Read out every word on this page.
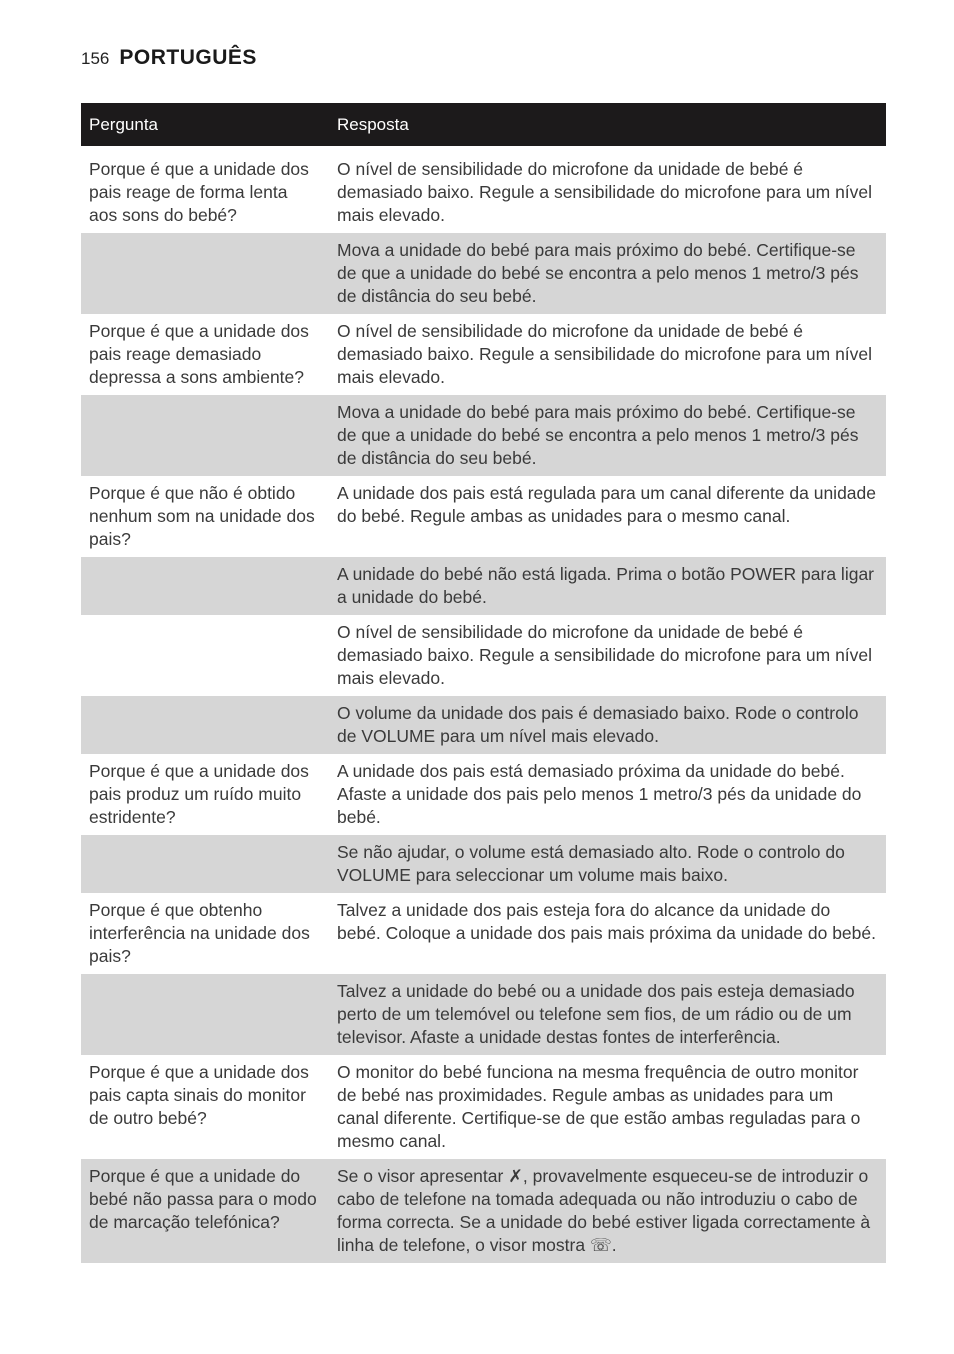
156 PORTUGUÊS
Pergunta	Resposta

Porque é que a unidade dos pais reage de forma lenta aos sons do bebé?	O nível de sensibilidade do microfone da unidade de bebé é demasiado baixo. Regule a sensibilidade do microfone para um nível mais elevado.
	Mova a unidade do bebé para mais próximo do bebé. Certifique-se de que a unidade do bebé se encontra a pelo menos 1 metro/3 pés de distância do seu bebé.
Porque é que a unidade dos pais reage demasiado depressa a sons ambiente?	O nível de sensibilidade do microfone da unidade de bebé é demasiado baixo. Regule a sensibilidade do microfone para um nível mais elevado.
	Mova a unidade do bebé para mais próximo do bebé. Certifique-se de que a unidade do bebé se encontra a pelo menos 1 metro/3 pés de distância do seu bebé.
Porque é que não é obtido nenhum som na unidade dos pais?	A unidade dos pais está regulada para um canal diferente da unidade do bebé. Regule ambas as unidades para o mesmo canal.
	A unidade do bebé não está ligada. Prima o botão POWER para ligar a unidade do bebé.
	O nível de sensibilidade do microfone da unidade de bebé é demasiado baixo. Regule a sensibilidade do microfone para um nível mais elevado.
	O volume da unidade dos pais é demasiado baixo. Rode o controlo de VOLUME para um nível mais elevado.
Porque é que a unidade dos pais produz um ruído muito estridente?	A unidade dos pais está demasiado próxima da unidade do bebé. Afaste a unidade dos pais pelo menos 1 metro/3 pés da unidade do bebé.
	Se não ajudar, o volume está demasiado alto. Rode o controlo do VOLUME para seleccionar um volume mais baixo.
Porque é que obtenho interferência na unidade dos pais?	Talvez a unidade dos pais esteja fora do alcance da unidade do bebé. Coloque a unidade dos pais mais próxima da unidade do bebé.
	Talvez a unidade do bebé ou a unidade dos pais esteja demasiado perto de um telemóvel ou telefone sem fios, de um rádio ou de um televisor. Afaste a unidade destas fontes de interferência.
Porque é que a unidade dos pais capta sinais do monitor de outro bebé?	O monitor do bebé funciona na mesma frequência de outro monitor de bebé nas proximidades. Regule ambas as unidades para um canal diferente. Certifique-se de que estão ambas reguladas para o mesmo canal.
Porque é que a unidade do bebé não passa para o modo de marcação telefónica?	Se o visor apresentar ✗, provavelmente esqueceu-se de introduzir o cabo de telefone na tomada adequada ou não introduziu o cabo de forma correcta. Se a unidade do bebé estiver ligada correctamente à linha de telefone, o visor mostra ☏.
